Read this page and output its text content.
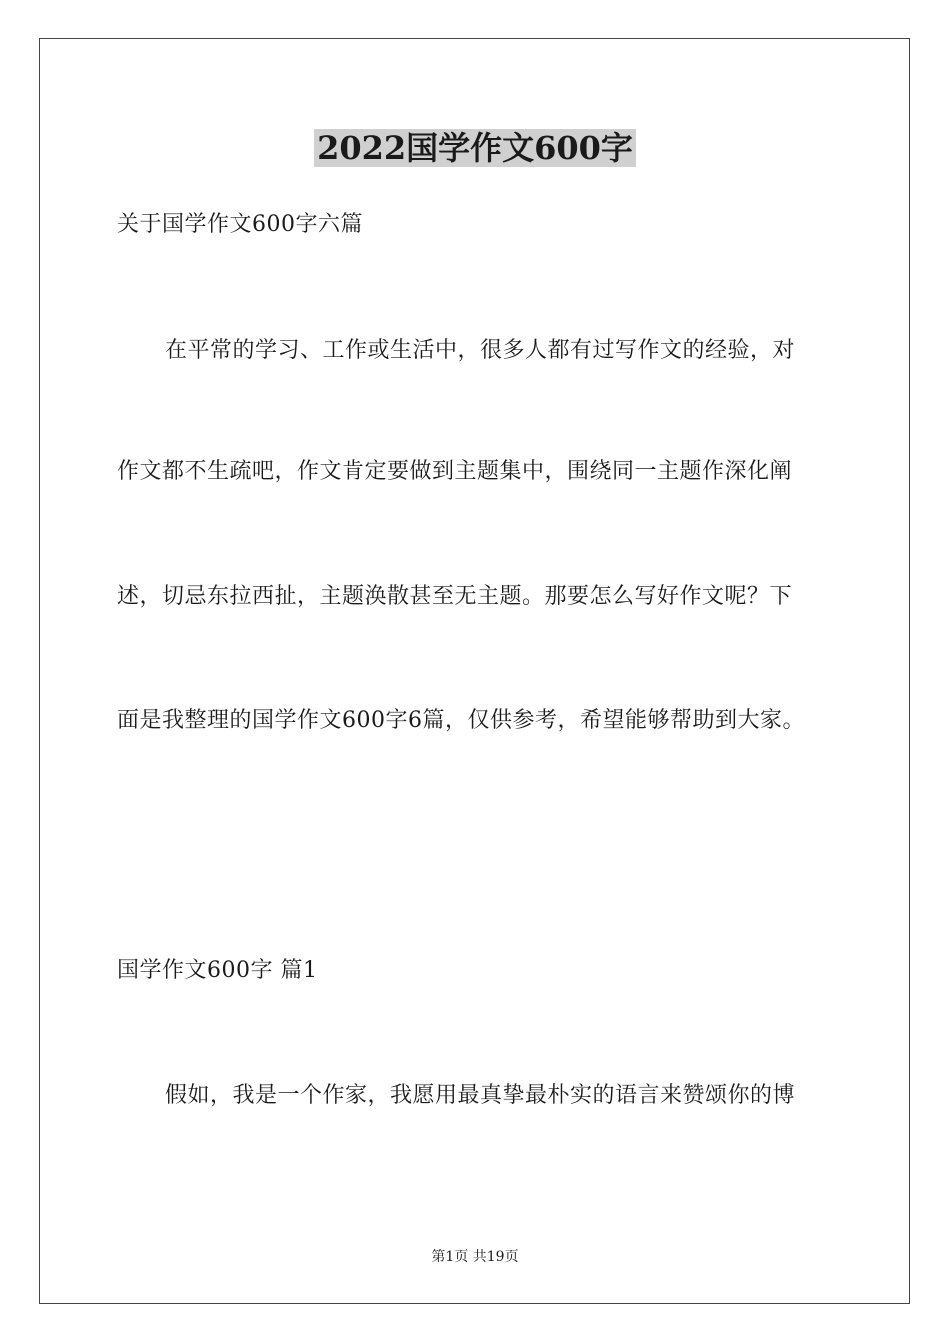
2022国学作文600字
关于国学作文600字六篇
在平常的学习、工作或生活中，很多人都有过写作文的经验，对
作文都不生疏吧，作文肯定要做到主题集中，围绕同一主题作深化阐
述，切忌东拉西扯，主题涣散甚至无主题。那要怎么写好作文呢？下
面是我整理的国学作文600字6篇，仅供参考，希望能够帮助到大家。
国学作文600字 篇1
假如，我是一个作家，我愿用最真挚最朴实的语言来赞颂你的博
第1页 共19页
